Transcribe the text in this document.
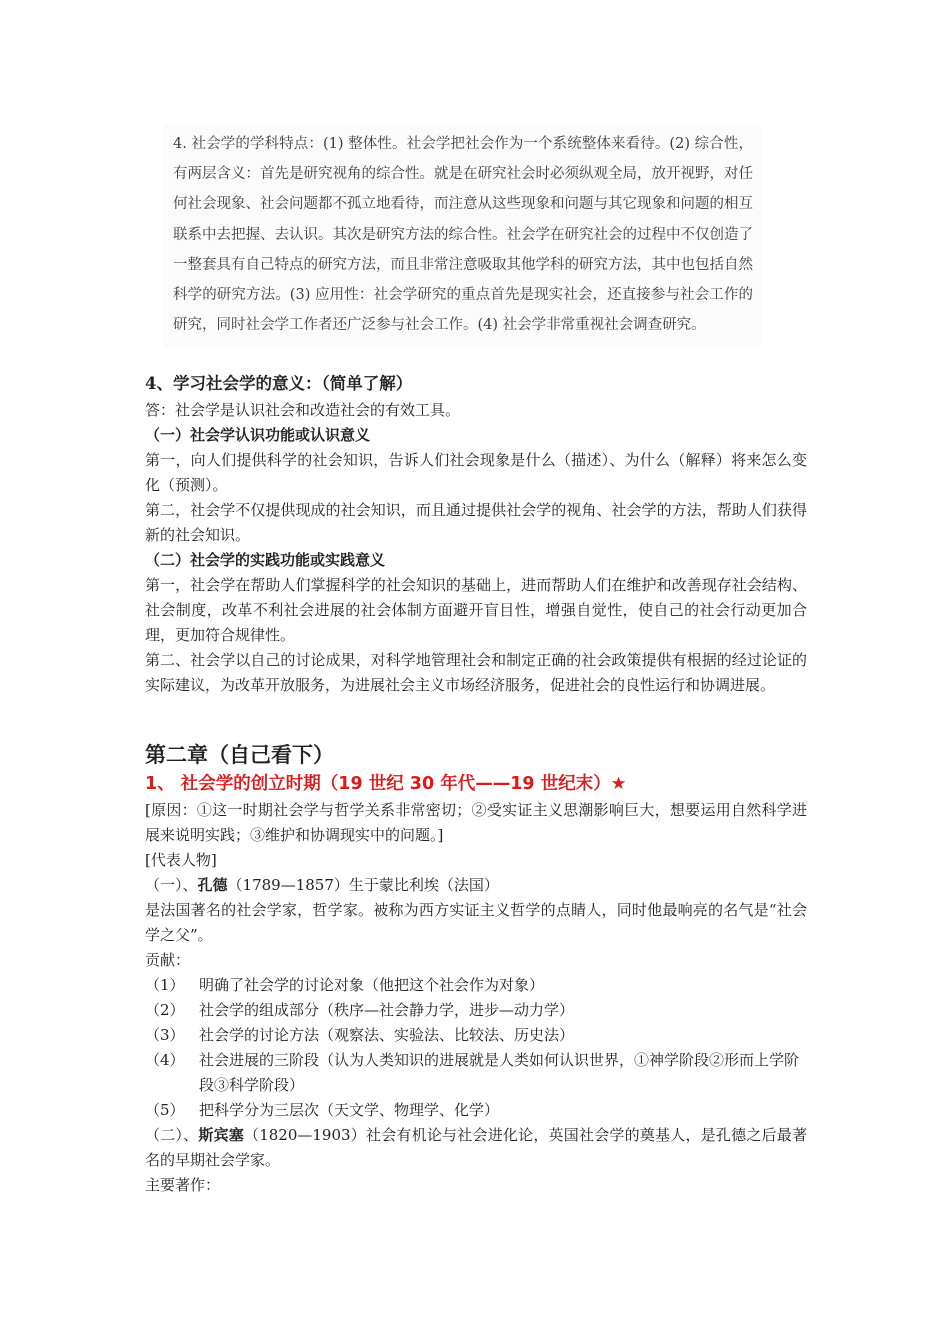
4. 社会学的学科特点：(1) 整体性。社会学把社会作为一个系统整体来看待。(2) 综合性，有两层含义：首先是研究视角的综合性。就是在研究社会时必须纵观全局，放开视野，对任何社会现象、社会问题都不孤立地看待，而注意从这些现象和问题与其它现象和问题的相互联系中去把握、去认识。其次是研究方法的综合性。社会学在研究社会的过程中不仅创造了一整套具有自己特点的研究方法，而且非常注意吸取其他学科的研究方法，其中也包括自然科学的研究方法。(3) 应用性：社会学研究的重点首先是现实社会，还直接参与社会工作的研究，同时社会学工作者还广泛参与社会工作。(4) 社会学非常重视社会调查研究。

4、学习社会学的意义：（简单了解）

答：社会学是认识社会和改造社会的有效工具。

（一）社会学认识功能或认识意义

第一，向人们提供科学的社会知识，告诉人们社会现象是什么（描述）、为什么（解释）将来怎么变化（预测）。

第二，社会学不仅提供现成的社会知识，而且通过提供社会学的视角、社会学的方法，帮助人们获得新的社会知识。

（二）社会学的实践功能或实践意义

第一，社会学在帮助人们掌握科学的社会知识的基础上，进而帮助人们在维护和改善现存社会结构、社会制度，改革不利社会进展的社会体制方面避开盲目性，增强自觉性，使自己的社会行动更加合理，更加符合规律性。

第二、社会学以自己的讨论成果，对科学地管理社会和制定正确的社会政策提供有根据的经过论证的实际建议，为改革开放服务，为进展社会主义市场经济服务，促进社会的良性运行和协调进展。

第二章（自己看下）

1、 社会学的创立时期（19 世纪 30 年代——19 世纪末）★

[原因：①这一时期社会学与哲学关系非常密切；②受实证主义思潮影响巨大，想要运用自然科学进展来说明实践；③维护和协调现实中的问题。]

[代表人物]

（一）、孔德（1789—1857）生于蒙比利埃（法国）

是法国著名的社会学家，哲学家。被称为西方实证主义哲学的点睛人，同时他最响亮的名气是“社会学之父”。

贡献：

（1） 明确了社会学的讨论对象（他把这个社会作为对象）
（2） 社会学的组成部分（秩序—社会静力学，进步—动力学）
（3） 社会学的讨论方法（观察法、实验法、比较法、历史法）
（4） 社会进展的三阶段（认为人类知识的进展就是人类如何认识世界，①神学阶段②形而上学阶段③科学阶段）
（5） 把科学分为三层次（天文学、物理学、化学）

（二）、斯宾塞（1820—1903）社会有机论与社会进化论，英国社会学的奠基人，是孔德之后最著名的早期社会学家。

主要著作：
